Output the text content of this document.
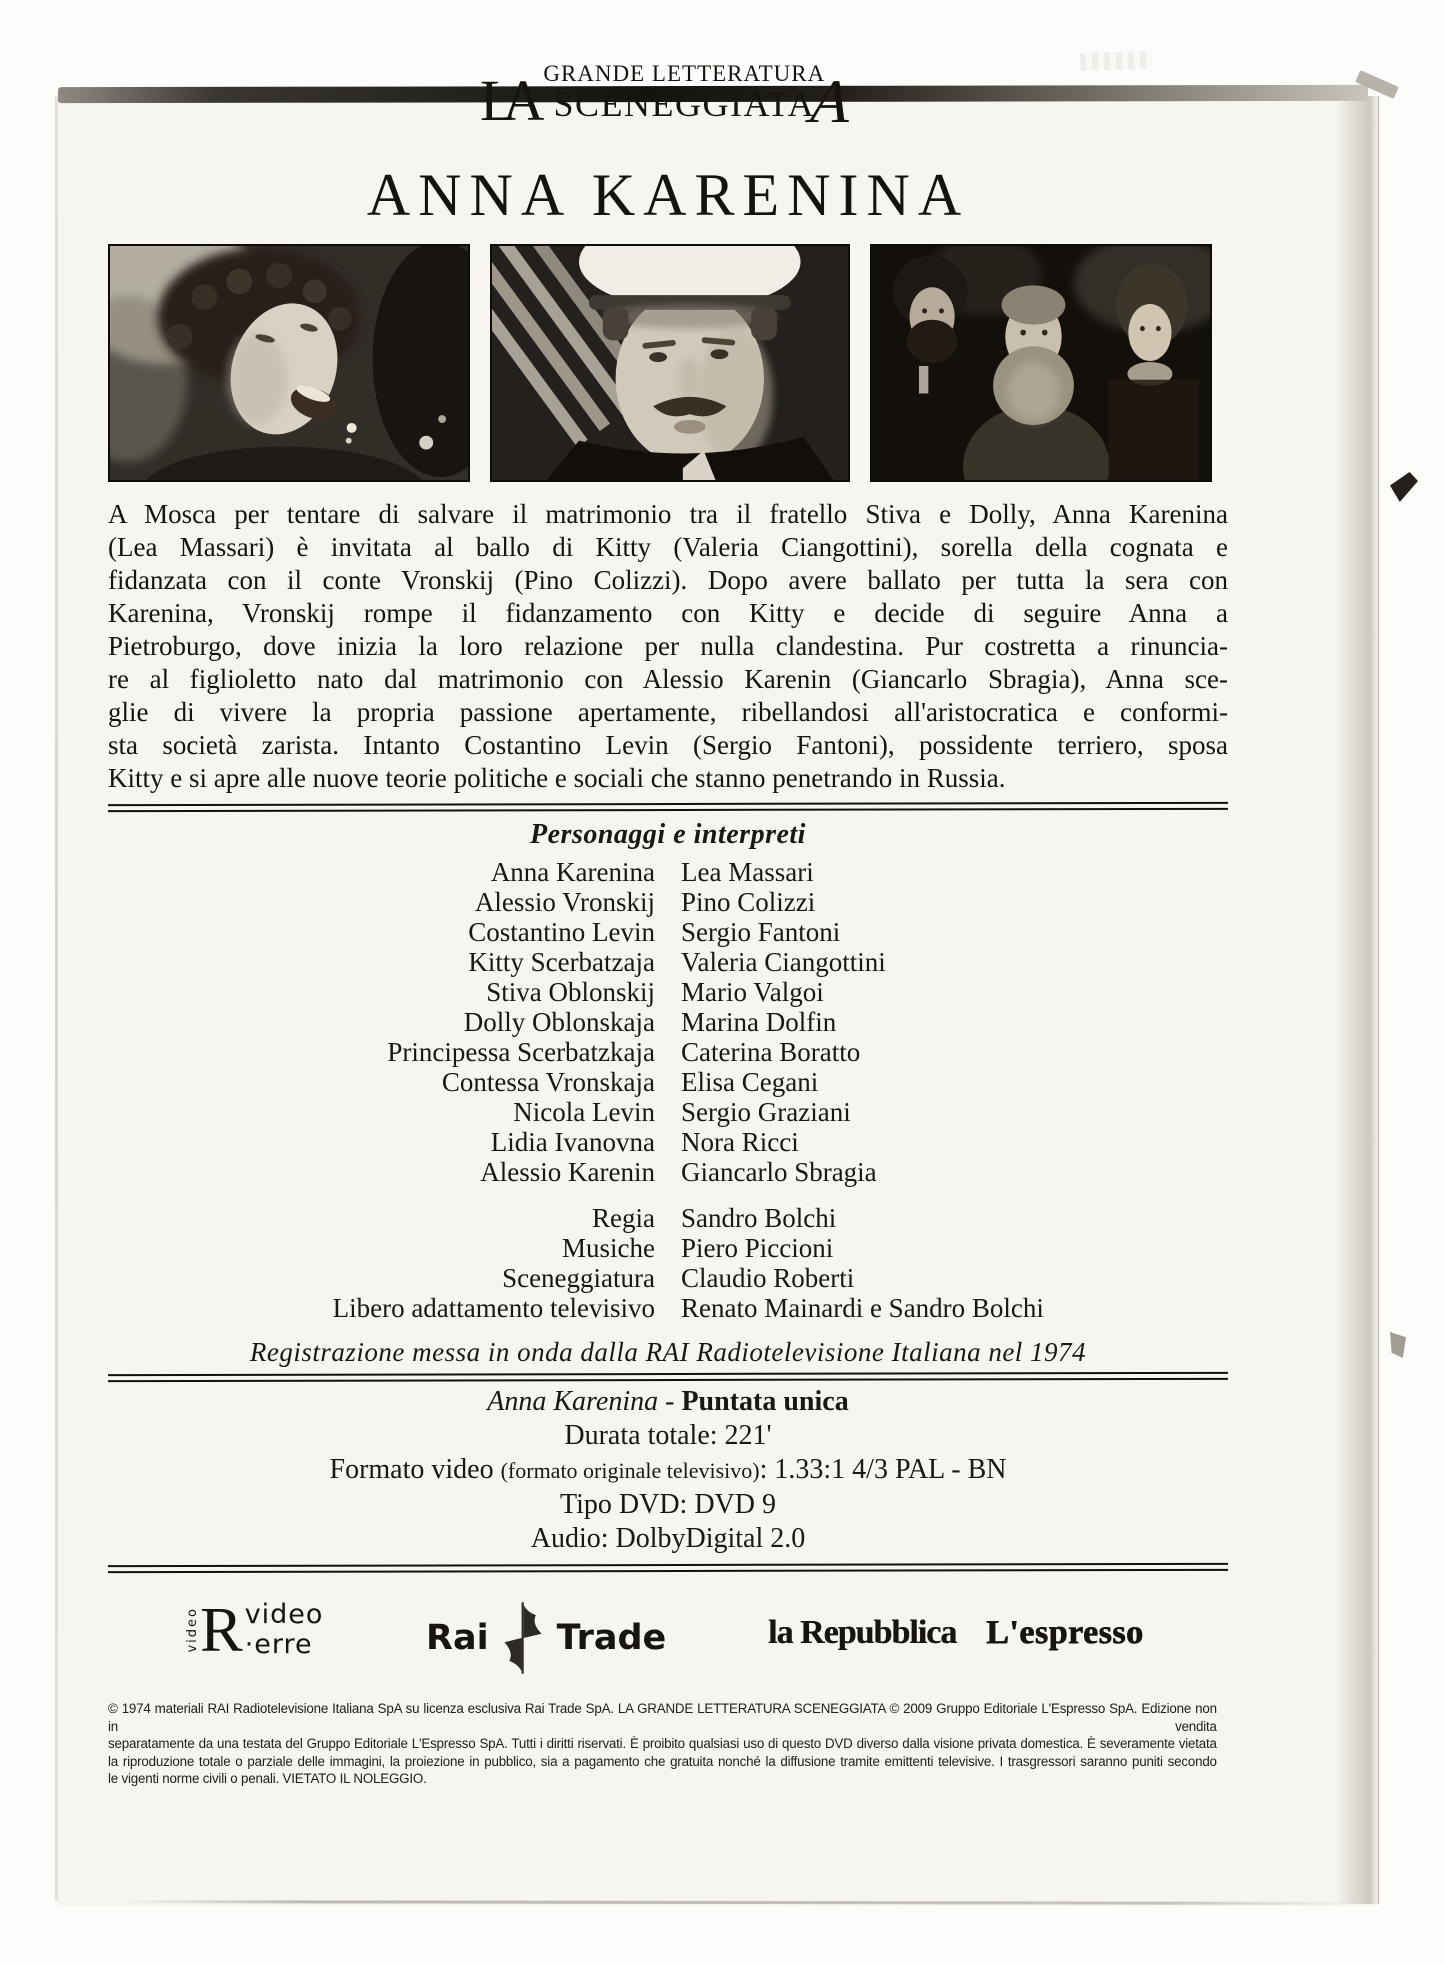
LA GRANDE LETTERATURA
SCENEGGIATA
A
ANNA KARENINA
A Mosca per tentare di salvare il matrimonio tra il fratello Stiva e Dolly, Anna Karenina
(Lea Massari) è invitata al ballo di Kitty (Valeria Ciangottini), sorella della cognata e
fidanzata con il conte Vronskij (Pino Colizzi). Dopo avere ballato per tutta la sera con
Karenina, Vronskij rompe il fidanzamento con Kitty e decide di seguire Anna a
Pietroburgo, dove inizia la loro relazione per nulla clandestina. Pur costretta a rinuncia-
re al figlioletto nato dal matrimonio con Alessio Karenin (Giancarlo Sbragia), Anna sce-
glie di vivere la propria passione apertamente, ribellandosi all'aristocratica e conformi-
sta società zarista. Intanto Costantino Levin (Sergio Fantoni), possidente terriero, sposa
Kitty e si apre alle nuove teorie politiche e sociali che stanno penetrando in Russia.
Personaggi e interpreti
Anna Karenina Lea Massari
Alessio Vronskij Pino Colizzi
Costantino Levin Sergio Fantoni
Kitty Scerbatzaja Valeria Ciangottini
Stiva Oblonskij Mario Valgoi
Dolly Oblonskaja Marina Dolfin
Principessa Scerbatzkaja Caterina Boratto
Contessa Vronskaja Elisa Cegani
Nicola Levin Sergio Graziani
Lidia Ivanovna Nora Ricci
Alessio Karenin Giancarlo Sbragia
Regia Sandro Bolchi
Musiche Piero Piccioni
Sceneggiatura Claudio Roberti
Libero adattamento televisivo Renato Mainardi e Sandro Bolchi
Registrazione messa in onda dalla RAI Radiotelevisione Italiana nel 1974
Anna Karenina - Puntata unica
Durata totale: 221'
Formato video (formato originale televisivo): 1.33:1 4/3 PAL - BN
Tipo DVD: DVD 9
Audio: DolbyDigital 2.0
video R video
·erre	Rai Trade	la Repubblica L'espresso
© 1974 materiali RAI Radiotelevisione Italiana SpA su licenza esclusiva Rai Trade SpA. LA GRANDE LETTERATURA SCENEGGIATA © 2009 Gruppo Editoriale L'Espresso SpA. Edizione non in vendita
separatamente da una testata del Gruppo Editoriale L'Espresso SpA. Tutti i diritti riservati. È proibito qualsiasi uso di questo DVD diverso dalla visione privata domestica. È severamente vietata
la riproduzione totale o parziale delle immagini, la proiezione in pubblico, sia a pagamento che gratuita nonché la diffusione tramite emittenti televisive. I trasgressori saranno puniti secondo
le vigenti norme civili o penali. VIETATO IL NOLEGGIO.
